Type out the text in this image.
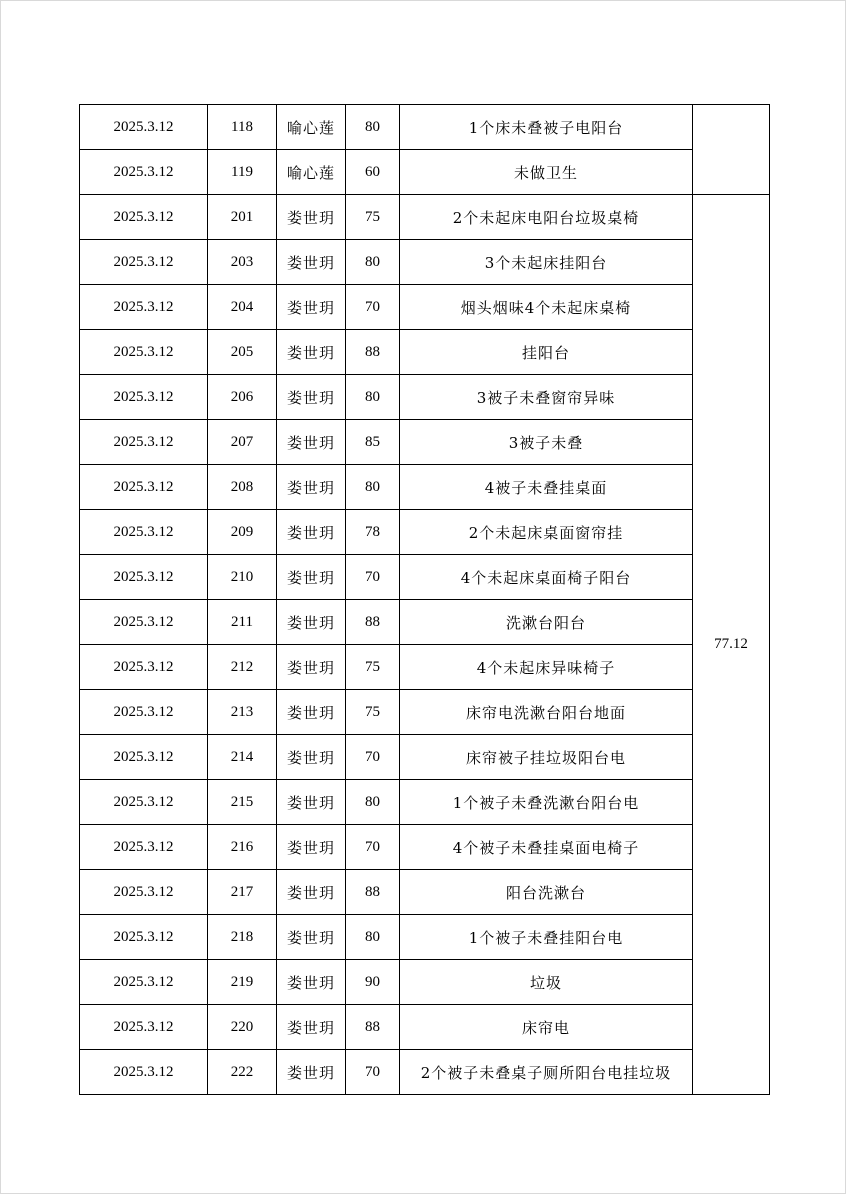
2025.3.12	118	喻心莲	80	1个床未叠被子电阳台	
2025.3.12	119	喻心莲	60	未做卫生	
2025.3.12	201	娄世玥	75	2个未起床电阳台垃圾桌椅	77.12
2025.3.12	203	娄世玥	80	3个未起床挂阳台	
2025.3.12	204	娄世玥	70	烟头烟味4个未起床桌椅	
2025.3.12	205	娄世玥	88	挂阳台	
2025.3.12	206	娄世玥	80	3被子未叠窗帘异味	
2025.3.12	207	娄世玥	85	3被子未叠	
2025.3.12	208	娄世玥	80	4被子未叠挂桌面	
2025.3.12	209	娄世玥	78	2个未起床桌面窗帘挂	
2025.3.12	210	娄世玥	70	4个未起床桌面椅子阳台	
2025.3.12	211	娄世玥	88	洗漱台阳台	
2025.3.12	212	娄世玥	75	4个未起床异味椅子	
2025.3.12	213	娄世玥	75	床帘电洗漱台阳台地面	
2025.3.12	214	娄世玥	70	床帘被子挂垃圾阳台电	
2025.3.12	215	娄世玥	80	1个被子未叠洗漱台阳台电	
2025.3.12	216	娄世玥	70	4个被子未叠挂桌面电椅子	
2025.3.12	217	娄世玥	88	阳台洗漱台	
2025.3.12	218	娄世玥	80	1个被子未叠挂阳台电	
2025.3.12	219	娄世玥	90	垃圾	
2025.3.12	220	娄世玥	88	床帘电	
2025.3.12	222	娄世玥	70	2个被子未叠桌子厕所阳台电挂垃圾	
